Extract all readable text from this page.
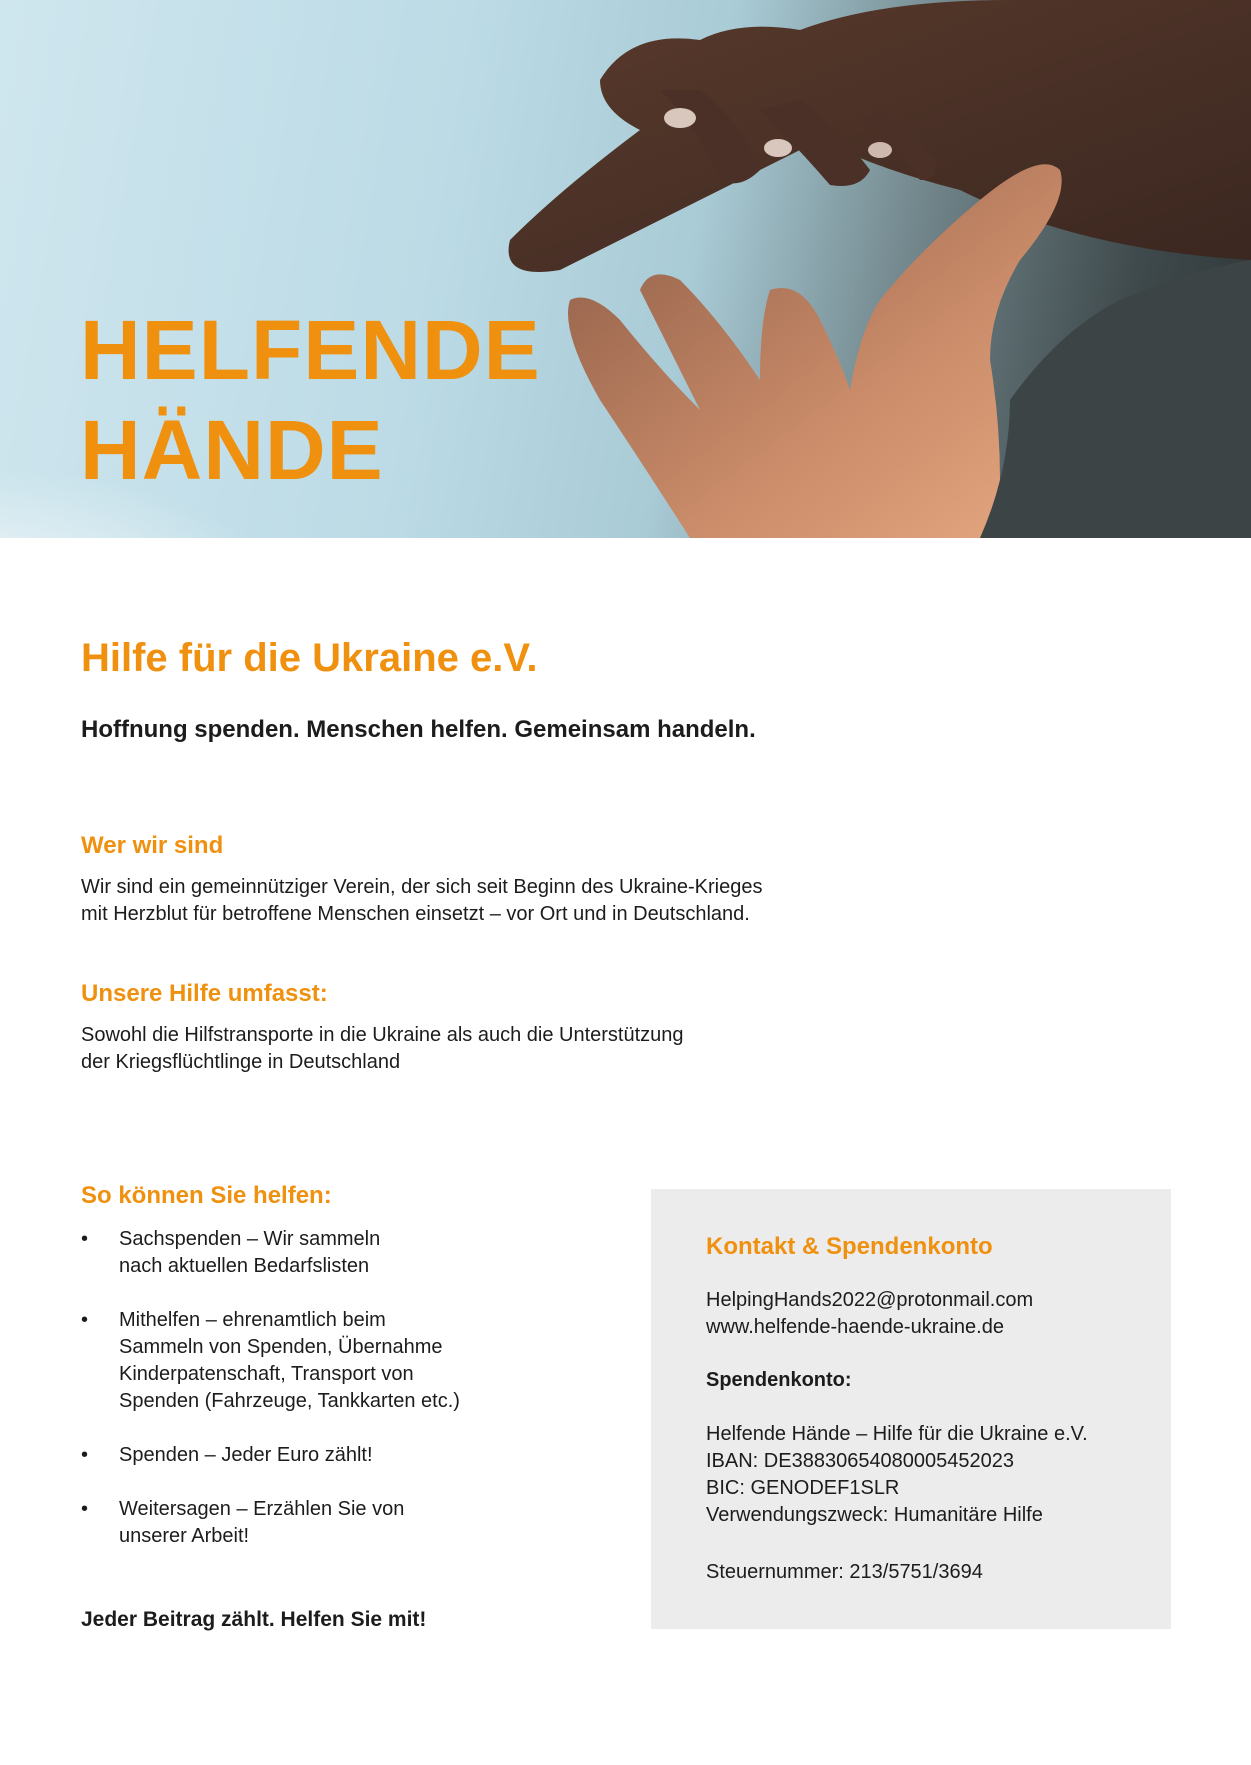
HELFENDE
HÄNDE
Hilfe für die Ukraine e.V.

Hoffnung spenden. Menschen helfen. Gemeinsam handeln.

Wer wir sind

Wir sind ein gemeinnütziger Verein, der sich seit Beginn des Ukraine-Krieges
mit Herzblut für betroffene Menschen einsetzt – vor Ort und in Deutschland.

Unsere Hilfe umfasst:

Sowohl die Hilfstransporte in die Ukraine als auch die Unterstützung
der Kriegsflüchtlinge in Deutschland

So können Sie helfen:
• Sachspenden – Wir sammeln
nach aktuellen Bedarfslisten
• Mithelfen – ehrenamtlich beim
Sammeln von Spenden, Übernahme
Kinderpatenschaft, Transport von
Spenden (Fahrzeuge, Tankkarten etc.)
• Spenden – Jeder Euro zählt!
• Weitersagen – Erzählen Sie von
unserer Arbeit!

Jeder Beitrag zählt. Helfen Sie mit!

Kontakt & Spendenkonto

HelpingHands2022@protonmail.com

www.helfende-haende-ukraine.de

Spendenkonto:

Helfende Hände – Hilfe für die Ukraine e.V.

IBAN: DE38830654080005452023

BIC: GENODEF1SLR

Verwendungszweck: Humanitäre Hilfe

Steuernummer: 213/5751/3694
